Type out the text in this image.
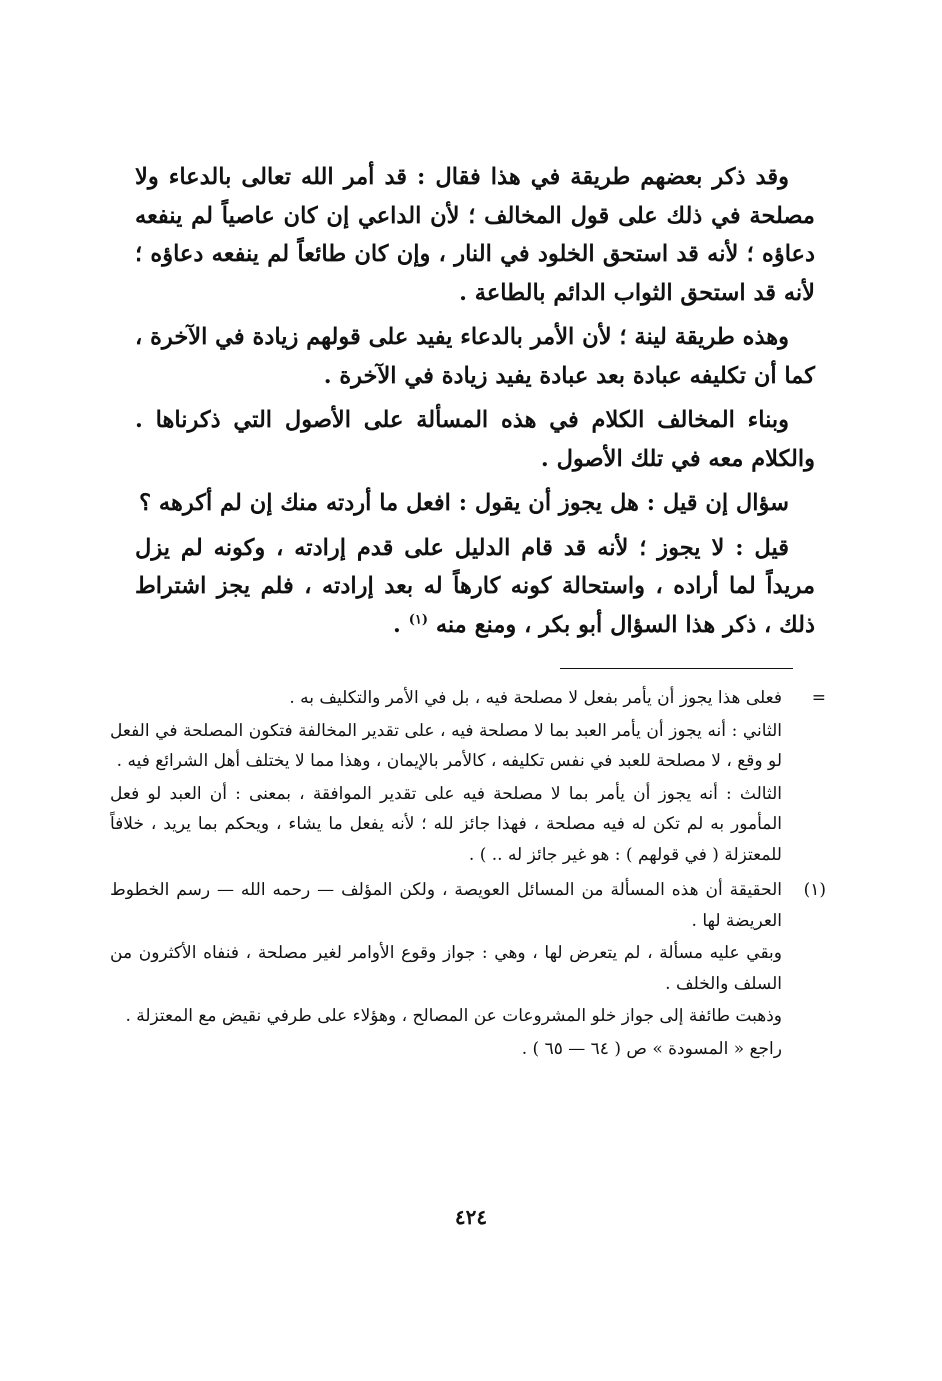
وقد ذكر بعضهم طريقة في هذا فقال : قد أمر الله تعالى بالدعاء ولا مصلحة في ذلك على قول المخالف ؛ لأن الداعي إن كان عاصياً لم ينفعه دعاؤه ؛ لأنه قد استحق الخلود في النار ، وإن كان طائعاً لم ينفعه دعاؤه ؛ لأنه قد استحق الثواب الدائم بالطاعة .

وهذه طريقة لينة ؛ لأن الأمر بالدعاء يفيد على قولهم زيادة في الآخرة ، كما أن تكليفه عبادة بعد عبادة يفيد زيادة في الآخرة .

وبناء المخالف الكلام في هذه المسألة على الأصول التي ذكرناها . والكلام معه في تلك الأصول .

سؤال إن قيل : هل يجوز أن يقول : افعل ما أردته منك إن لم أكرهه ؟

قيل : لا يجوز ؛ لأنه قد قام الدليل على قدم إرادته ، وكونه لم يزل مريداً لما أراده ، واستحالة كونه كارهاً له بعد إرادته ، فلم يجز اشتراط ذلك ، ذكر هذا السؤال أبو بكر ، ومنع منه $^{(١)}$ .

=

فعلى هذا يجوز أن يأمر بفعل لا مصلحة فيه ، بل في الأمر والتكليف به .

الثاني : أنه يجوز أن يأمر العبد بما لا مصلحة فيه ، على تقدير المخالفة فتكون المصلحة في الفعل لو وقع ، لا مصلحة للعبد في نفس تكليفه ، كالأمر بالإيمان ، وهذا مما لا يختلف أهل الشرائع فيه .

الثالث : أنه يجوز أن يأمر بما لا مصلحة فيه على تقدير الموافقة ، بمعنى : أن العبد لو فعل المأمور به لم تكن له فيه مصلحة ، فهذا جائز لله ؛ لأنه يفعل ما يشاء ، ويحكم بما يريد ، خلافاً للمعتزلة ( في قولهم ) : هو غير جائز له .. ) .

(١)

الحقيقة أن هذه المسألة من المسائل العويصة ، ولكن المؤلف — رحمه الله — رسم الخطوط العريضة لها .

وبقي عليه مسألة ، لم يتعرض لها ، وهي : جواز وقوع الأوامر لغير مصلحة ، فنفاه الأكثرون من السلف والخلف .

وذهبت طائفة إلى جواز خلو المشروعات عن المصالح ، وهؤلاء على طرفي نقيض مع المعتزلة .

راجع « المسودة » ص ( ٦٤ — ٦٥ ) .

٤٢٤
